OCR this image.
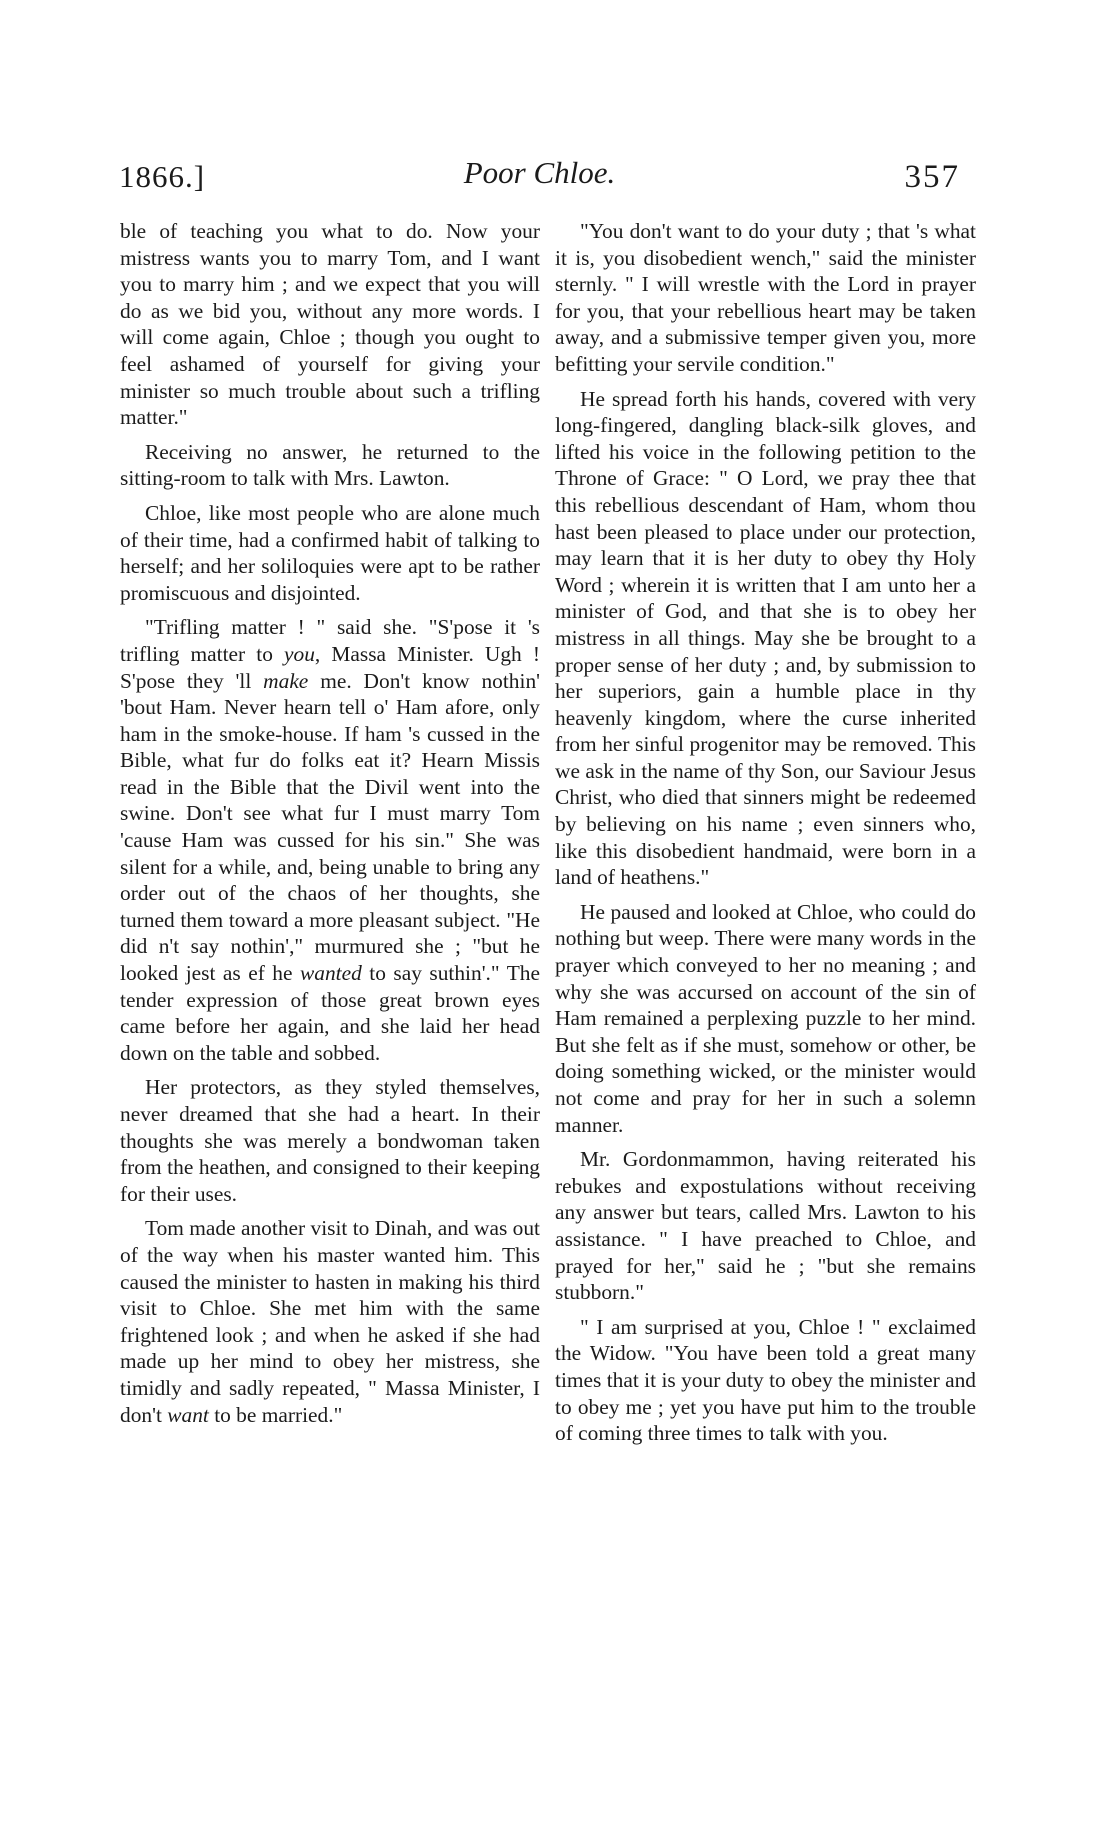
1866.]	Poor Chloe.	357

ble of teaching you what to do. Now your mistress wants you to marry Tom, and I want you to marry him ; and we expect that you will do as we bid you, without any more words. I will come again, Chloe ; though you ought to feel ashamed of yourself for giving your minister so much trouble about such a trifling matter."

Receiving no answer, he returned to the sitting-room to talk with Mrs. Lawton.

Chloe, like most people who are alone much of their time, had a confirmed habit of talking to herself; and her soliloquies were apt to be rather promiscuous and disjointed.

"Trifling matter ! " said she. "S'pose it 's trifling matter to you, Massa Minister. Ugh ! S'pose they 'll make me. Don't know nothin' 'bout Ham. Never hearn tell o' Ham afore, only ham in the smoke-house. If ham 's cussed in the Bible, what fur do folks eat it? Hearn Missis read in the Bible that the Divil went into the swine. Don't see what fur I must marry Tom 'cause Ham was cussed for his sin." She was silent for a while, and, being unable to bring any order out of the chaos of her thoughts, she turned them toward a more pleasant subject. "He did n't say nothin'," murmured she ; "but he looked jest as ef he wanted to say suthin'." The tender expression of those great brown eyes came before her again, and she laid her head down on the table and sobbed.

Her protectors, as they styled themselves, never dreamed that she had a heart. In their thoughts she was merely a bondwoman taken from the heathen, and consigned to their keeping for their uses.

Tom made another visit to Dinah, and was out of the way when his master wanted him. This caused the minister to hasten in making his third visit to Chloe. She met him with the same frightened look ; and when he asked if she had made up her mind to obey her mistress, she timidly and sadly repeated, " Massa Minister, I don't want to be married."

"You don't want to do your duty ; that 's what it is, you disobedient wench," said the minister sternly. " I will wrestle with the Lord in prayer for you, that your rebellious heart may be taken away, and a submissive temper given you, more befitting your servile condition."

He spread forth his hands, covered with very long-fingered, dangling black-silk gloves, and lifted his voice in the following petition to the Throne of Grace: " O Lord, we pray thee that this rebellious descendant of Ham, whom thou hast been pleased to place under our protection, may learn that it is her duty to obey thy Holy Word ; wherein it is written that I am unto her a minister of God, and that she is to obey her mistress in all things. May she be brought to a proper sense of her duty ; and, by submission to her superiors, gain a humble place in thy heavenly kingdom, where the curse inherited from her sinful progenitor may be removed. This we ask in the name of thy Son, our Saviour Jesus Christ, who died that sinners might be redeemed by believing on his name ; even sinners who, like this disobedient handmaid, were born in a land of heathens."

He paused and looked at Chloe, who could do nothing but weep. There were many words in the prayer which conveyed to her no meaning ; and why she was accursed on account of the sin of Ham remained a perplexing puzzle to her mind. But she felt as if she must, somehow or other, be doing something wicked, or the minister would not come and pray for her in such a solemn manner.

Mr. Gordonmammon, having reiterated his rebukes and expostulations without receiving any answer but tears, called Mrs. Lawton to his assistance. " I have preached to Chloe, and prayed for her," said he ; "but she remains stubborn."

" I am surprised at you, Chloe ! " exclaimed the Widow. "You have been told a great many times that it is your duty to obey the minister and to obey me ; yet you have put him to the trouble of coming three times to talk with you.
